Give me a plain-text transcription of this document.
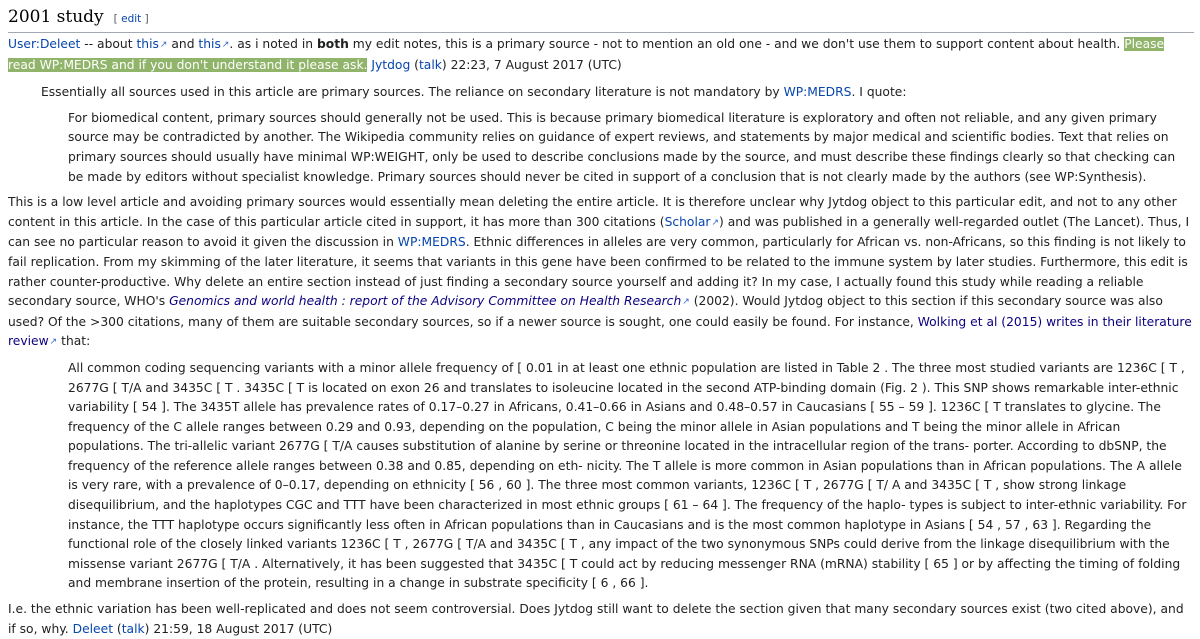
2001 study [ edit ]

User:Deleet -- about this ↗ and this ↗ . as i noted in both my edit notes, this is a primary source - not to mention an old one - and we don't use them to support content about health. Please read WP:MEDRS and if you don't understand it please ask. Jytdog (talk) 22:23, 7 August 2017 (UTC)

Essentially all sources used in this article are primary sources. The reliance on secondary literature is not mandatory by WP:MEDRS. I quote:

For biomedical content, primary sources should generally not be used. This is because primary biomedical literature is exploratory and often not reliable, and any given primary source may be contradicted by another. The Wikipedia community relies on guidance of expert reviews, and statements by major medical and scientific bodies. Text that relies on primary sources should usually have minimal WP:WEIGHT, only be used to describe conclusions made by the source, and must describe these findings clearly so that checking can be made by editors without specialist knowledge. Primary sources should never be cited in support of a conclusion that is not clearly made by the authors (see WP:Synthesis).

This is a low level article and avoiding primary sources would essentially mean deleting the entire article. It is therefore unclear why Jytdog object to this particular edit, and not to any other content in this article. In the case of this particular article cited in support, it has more than 300 citations (Scholar ↗ ) and was published in a generally well-regarded outlet (The Lancet). Thus, I can see no particular reason to avoid it given the discussion in WP:MEDRS. Ethnic differences in alleles are very common, particularly for African vs. non-Africans, so this finding is not likely to fail replication. From my skimming of the later literature, it seems that variants in this gene have been confirmed to be related to the immune system by later studies. Furthermore, this edit is rather counter-productive. Why delete an entire section instead of just finding a secondary source yourself and adding it? In my case, I actually found this study while reading a reliable secondary source, WHO's Genomics and world health : report of the Advisory Committee on Health Research ↗ (2002). Would Jytdog object to this section if this secondary source was also used? Of the >300 citations, many of them are suitable secondary sources, so if a newer source is sought, one could easily be found. For instance, Wolking et al (2015) writes in their literature review ↗ that:

All common coding sequencing variants with a minor allele frequency of [ 0.01 in at least one ethnic population are listed in Table 2 . The three most studied variants are 1236C [ T , 2677G [ T/A and 3435C [ T . 3435C [ T is located on exon 26 and translates to isoleucine located in the second ATP-binding domain (Fig. 2 ). This SNP shows remarkable inter-ethnic variability [ 54 ]. The 3435T allele has prevalence rates of 0.17–0.27 in Africans, 0.41–0.66 in Asians and 0.48–0.57 in Caucasians [ 55 – 59 ]. 1236C [ T translates to glycine. The frequency of the C allele ranges between 0.29 and 0.93, depending on the population, C being the minor allele in Asian populations and T being the minor allele in African populations. The tri-allelic variant 2677G [ T/A causes substitution of alanine by serine or threonine located in the intracellular region of the trans- porter. According to dbSNP, the frequency of the reference allele ranges between 0.38 and 0.85, depending on eth- nicity. The T allele is more common in Asian populations than in African populations. The A allele is very rare, with a prevalence of 0–0.17, depending on ethnicity [ 56 , 60 ]. The three most common variants, 1236C [ T , 2677G [ T/ A and 3435C [ T , show strong linkage disequilibrium, and the haplotypes CGC and TTT have been characterized in most ethnic groups [ 61 – 64 ]. The frequency of the haplo- types is subject to inter-ethnic variability. For instance, the TTT haplotype occurs significantly less often in African populations than in Caucasians and is the most common haplotype in Asians [ 54 , 57 , 63 ]. Regarding the functional role of the closely linked variants 1236C [ T , 2677G [ T/A and 3435C [ T , any impact of the two synonymous SNPs could derive from the linkage disequilibrium with the missense variant 2677G [ T/A . Alternatively, it has been suggested that 3435C [ T could act by reducing messenger RNA (mRNA) stability [ 65 ] or by affecting the timing of folding and membrane insertion of the protein, resulting in a change in substrate specificity [ 6 , 66 ].

I.e. the ethnic variation has been well-replicated and does not seem controversial. Does Jytdog still want to delete the section given that many secondary sources exist (two cited above), and if so, why. Deleet (talk) 21:59, 18 August 2017 (UTC)
